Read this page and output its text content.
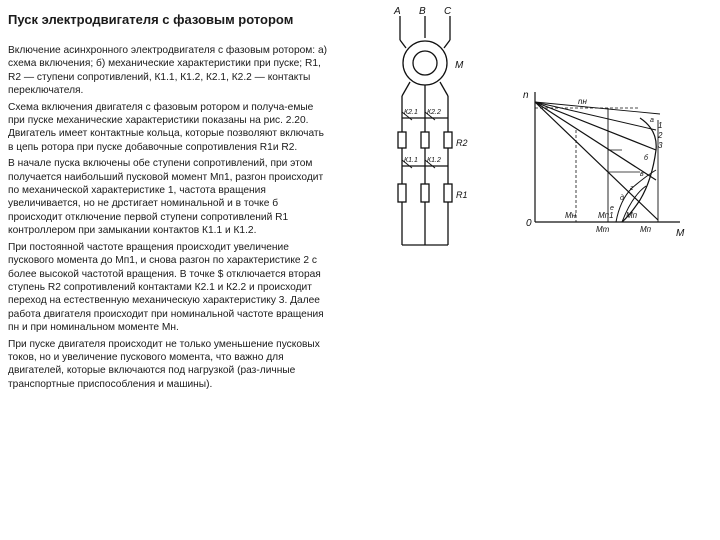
Пуск электродвигателя с фазовым ротором

Включение асинхронного электродвигателя с фазовым ротором: а) схема включения; б) механические характеристики при пуске; R1, R2 — ступени сопротивлений, К1.1, К1.2, К2.1, К2.2 — контакты переключателя.

Схема включения двигателя с фазовым ротором и получа-емые при пуске механические характеристики показаны на рис. 2.20. Двигатель имеет контактные кольца, которые позволяют включать в цепь ротора при пуске добавочные сопротивления R1и R2.

В начале пуска включены обе ступени сопротивлений, при этом получается наибольший пусковой момент Мп1, разгон происходит по механической характеристике 1, частота вращения увеличивается, но не дрстигает номинальной и в точке б происходит отключение первой ступени сопротивлений R1 контроллером при замыкании контактов К1.1 и К1.2.

При постоянной частоте вращения происходит увеличение пускового момента до Мп1, и снова разгон по характеристике 2 с более высокой частотой вращения. В точке $ отключается вторая ступень R2 сопротивлений контактами К2.1 и К2.2 и происходит переход на естественную механическую характеристику 3. Далее работа двигателя происходит при номинальной частоте вращения пн и при номинальном моменте Мн.

При пуске двигателя происходит не только уменьшение пусковых токов, но и увеличение пускового момента, что важно для двигателей, которые включаются под нагрузкой (раз-личные транспортные приспособления и машины).

A B C
М
К2.1 К2.2
К1.1 К1.2
R2
R1
n
nн
1
2
3
a
б
в
г
д
е
0
М
Мн	Мп1 Мп
Мm	Мп
